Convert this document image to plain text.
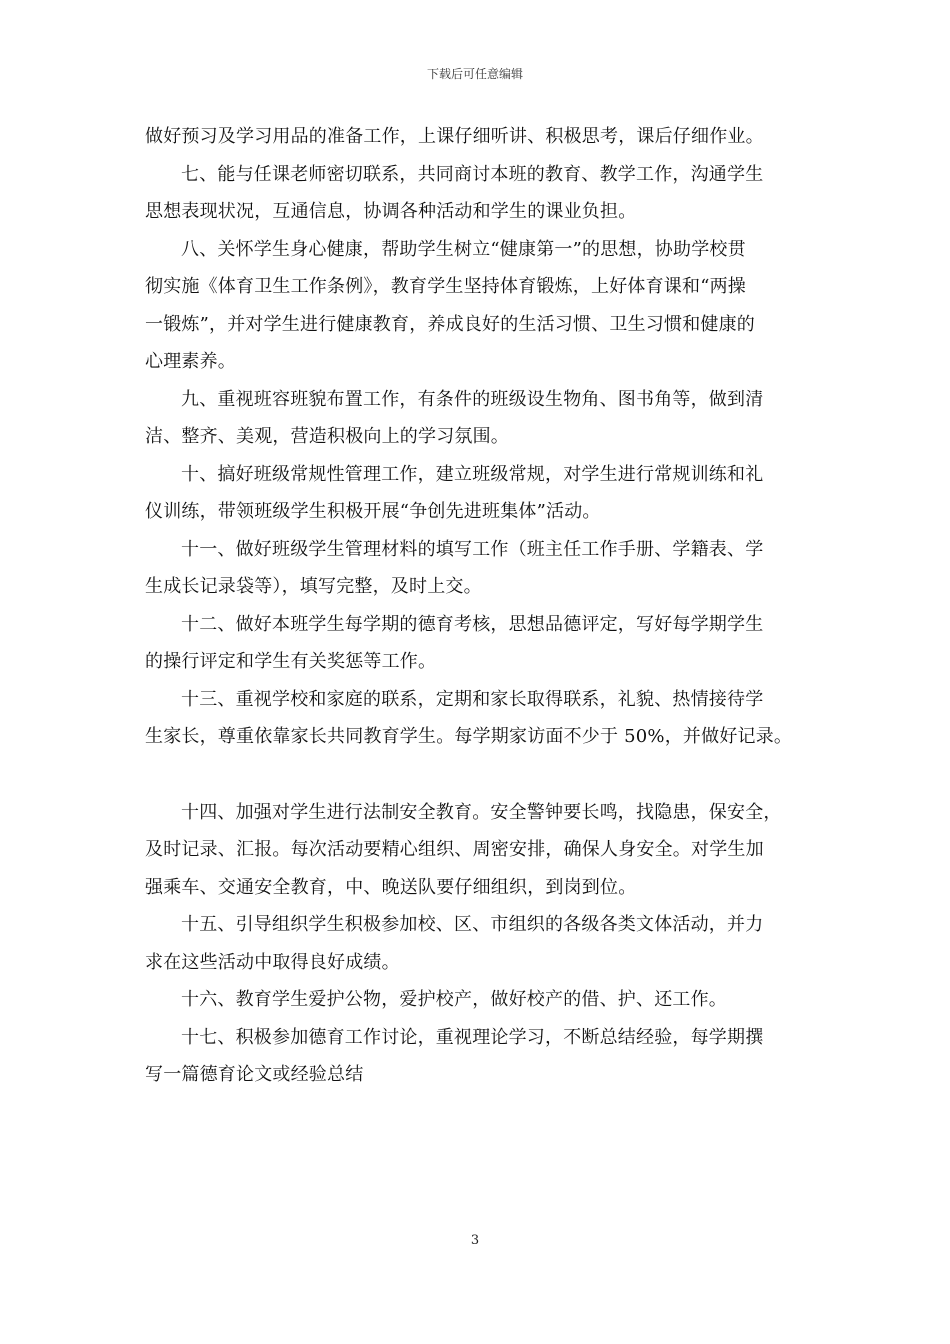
下载后可任意编辑
做好预习及学习用品的准备工作，上课仔细听讲、积极思考，课后仔细作业。
七、能与任课老师密切联系，共同商讨本班的教育、教学工作，沟通学生
思想表现状况，互通信息，协调各种活动和学生的课业负担。
八、关怀学生身心健康，帮助学生树立“健康第一”的思想，协助学校贯
彻实施《体育卫生工作条例》，教育学生坚持体育锻炼，上好体育课和“两操
一锻炼”，并对学生进行健康教育，养成良好的生活习惯、卫生习惯和健康的
心理素养。
九、重视班容班貌布置工作，有条件的班级设生物角、图书角等，做到清
洁、整齐、美观，营造积极向上的学习氛围。
十、搞好班级常规性管理工作，建立班级常规，对学生进行常规训练和礼
仪训练，带领班级学生积极开展“争创先进班集体”活动。
十一、做好班级学生管理材料的填写工作（班主任工作手册、学籍表、学
生成长记录袋等），填写完整，及时上交。
十二、做好本班学生每学期的德育考核，思想品德评定，写好每学期学生
的操行评定和学生有关奖惩等工作。
十三、重视学校和家庭的联系，定期和家长取得联系，礼貌、热情接待学
生家长，尊重依靠家长共同教育学生。每学期家访面不少于 50%，并做好记录。
十四、加强对学生进行法制安全教育。安全警钟要长鸣，找隐患，保安全，
及时记录、汇报。每次活动要精心组织、周密安排，确保人身安全。对学生加
强乘车、交通安全教育，中、晚送队要仔细组织，到岗到位。
十五、引导组织学生积极参加校、区、市组织的各级各类文体活动，并力
求在这些活动中取得良好成绩。
十六、教育学生爱护公物，爱护校产，做好校产的借、护、还工作。
十七、积极参加德育工作讨论，重视理论学习，不断总结经验，每学期撰
写一篇德育论文或经验总结
3
